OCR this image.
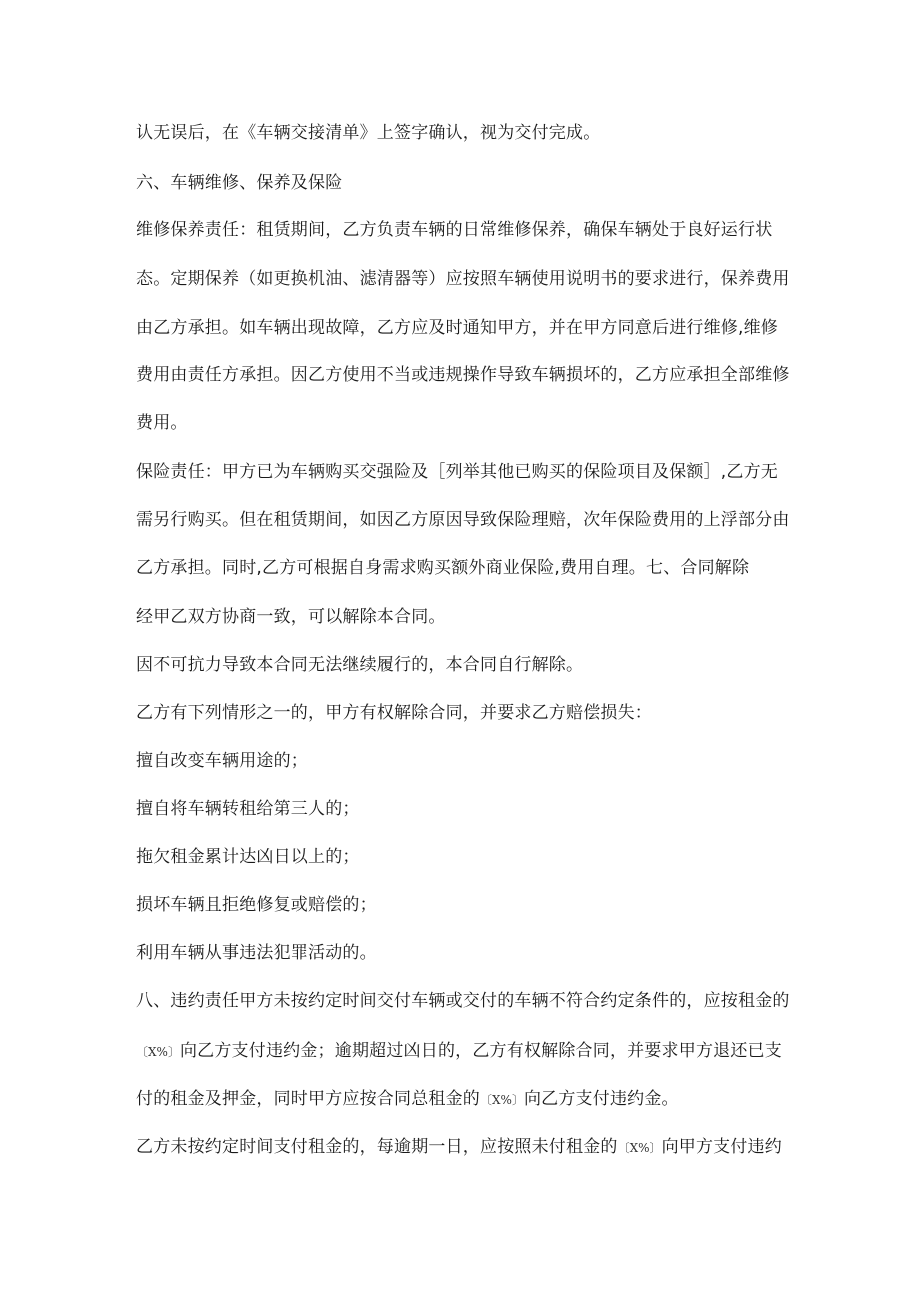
认无误后，在《车辆交接清单》上签字确认，视为交付完成。
六、车辆维修、保养及保险
维修保养责任：租赁期间，乙方负责车辆的日常维修保养，确保车辆处于良好运行状
态。定期保养（如更换机油、滤清器等）应按照车辆使用说明书的要求进行，保养费用
由乙方承担。如车辆出现故障，乙方应及时通知甲方，并在甲方同意后进行维修,维修
费用由责任方承担。因乙方使用不当或违规操作导致车辆损坏的，乙方应承担全部维修
费用。
保险责任：甲方已为车辆购买交强险及［列举其他已购买的保险项目及保额］,乙方无
需另行购买。但在租赁期间，如因乙方原因导致保险理赔，次年保险费用的上浮部分由
乙方承担。同时,乙方可根据自身需求购买额外商业保险,费用自理。七、合同解除
经甲乙双方协商一致，可以解除本合同。
因不可抗力导致本合同无法继续履行的，本合同自行解除。
乙方有下列情形之一的，甲方有权解除合同，并要求乙方赔偿损失：
擅自改变车辆用途的；
擅自将车辆转租给第三人的；
拖欠租金累计达凶日以上的；
损坏车辆且拒绝修复或赔偿的；
利用车辆从事违法犯罪活动的。
八、违约责任甲方未按约定时间交付车辆或交付的车辆不符合约定条件的，应按租金的
〔X%〕向乙方支付违约金；逾期超过凶日的，乙方有权解除合同，并要求甲方退还已支
付的租金及押金，同时甲方应按合同总租金的〔X%〕向乙方支付违约金。
乙方未按约定时间支付租金的，每逾期一日，应按照未付租金的〔X%〕向甲方支付违约
